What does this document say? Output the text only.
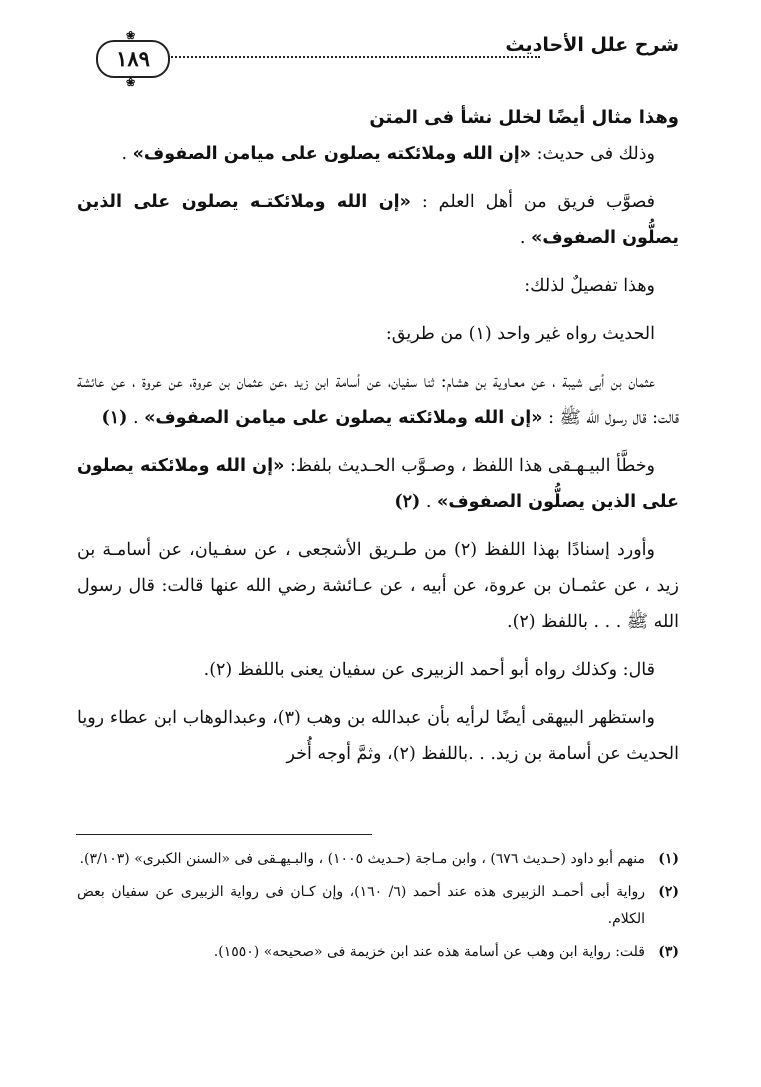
شرح علل الأحاديث
❀ ١٨٩ ❀

وهذا مثال أيضًا لخلل نشأ فى المتن

وذلك فى حديث: «إن الله وملائكته يصلون على ميامن الصفوف» .

فصوَّب فريق من أهل العلم : «إن الله وملائكتـه يصلون على الذين يصلُّون الصفوف» .

وهذا تفصيلٌ لذلك:

الحديث رواه غير واحد (١) من طريق:

عثمان بن أبى شيبة ، عن معـاوية بن هشام: ثنا سفيان، عن أسامة ابن زيد ،عن عثمان بن عروة، عن عروة ، عن عائشة قالت: قال رسول الله ﷺ : «إن الله وملائكته يصلون على ميامن الصفوف» . (١)

وخطَّأ البيـهـقى هذا اللفظ ، وصـوَّب الحـديث بلفظ: «إن الله وملائكته يصلون على الذين يصلُّون الصفوف» . (٢)

وأورد إسنادًا بهذا اللفظ (٢) من طـريق الأشجعى ، عن سفـيان، عن أسامـة بن زيد ، عن عثمـان بن عروة، عن أبيه ، عن عـائشة رضي الله عنها قالت: قال رسول الله ﷺ . . . باللفظ (٢).

قال: وكذلك رواه أبو أحمد الزبيرى عن سفيان يعنى باللفظ (٢).

واستظهر البيهقى أيضًا لرأيه بأن عبدالله بن وهب (٣)، وعبدالوهاب ابن عطاء رويا الحديث عن أسامة بن زيد. . .باللفظ (٢)، وثمَّ أوجه أُخر

(١)
منهم أبو داود (حـديث ٦٧٦) ، وابن مـاجة (حـديث ١٠٠٥) ، والبـيهـقى فى «السنن الكبرى» (٣/١٠٣).
(٢)
رواية أبى أحمـد الزبيرى هذه عند أحمد (٦/ ١٦٠)، وإن كـان فى رواية الزبيرى عن سفيان بعض الكلام.
(٣)
قلت: رواية ابن وهب عن أسامة هذه عند ابن خزيمة فى «صحيحه» (١٥٥٠).
